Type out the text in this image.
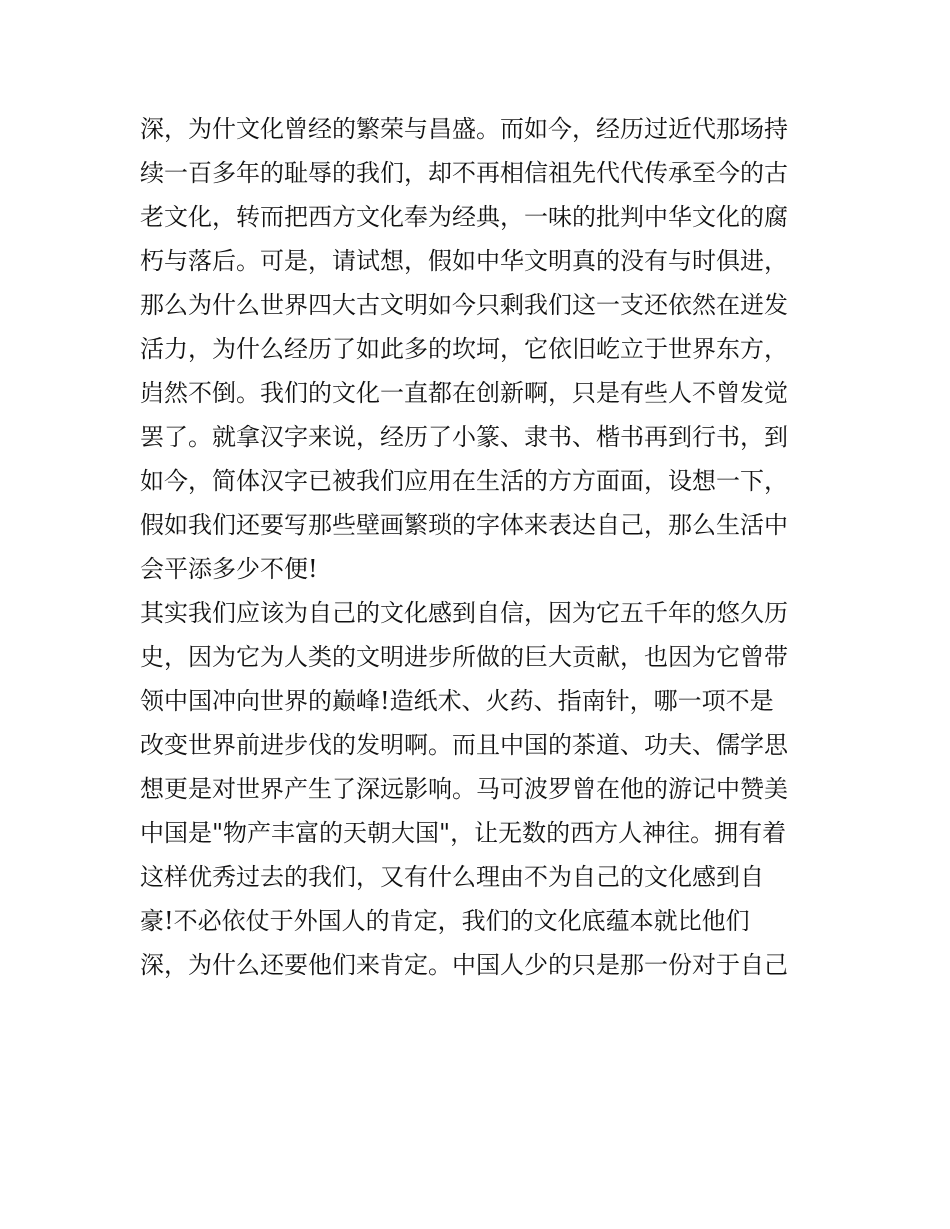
深，为什文化曾经的繁荣与昌盛。而如今，经历过近代那场持
续一百多年的耻辱的我们，却不再相信祖先代代传承至今的古
老文化，转而把西方文化奉为经典，一味的批判中华文化的腐
朽与落后。可是，请试想，假如中华文明真的没有与时俱进，
那么为什么世界四大古文明如今只剩我们这一支还依然在迸发
活力，为什么经历了如此多的坎坷，它依旧屹立于世界东方，
岿然不倒。我们的文化一直都在创新啊，只是有些人不曾发觉
罢了。就拿汉字来说，经历了小篆、隶书、楷书再到行书，到
如今，简体汉字已被我们应用在生活的方方面面，设想一下，
假如我们还要写那些壁画繁琐的字体来表达自己，那么生活中
会平添多少不便!
其实我们应该为自己的文化感到自信，因为它五千年的悠久历
史，因为它为人类的文明进步所做的巨大贡献，也因为它曾带
领中国冲向世界的巅峰!造纸术、火药、指南针，哪一项不是
改变世界前进步伐的发明啊。而且中国的茶道、功夫、儒学思
想更是对世界产生了深远影响。马可波罗曾在他的游记中赞美
中国是"物产丰富的天朝大国"，让无数的西方人神往。拥有着
这样优秀过去的我们，又有什么理由不为自己的文化感到自
豪!不必依仗于外国人的肯定，我们的文化底蕴本就比他们
深，为什么还要他们来肯定。中国人少的只是那一份对于自己
